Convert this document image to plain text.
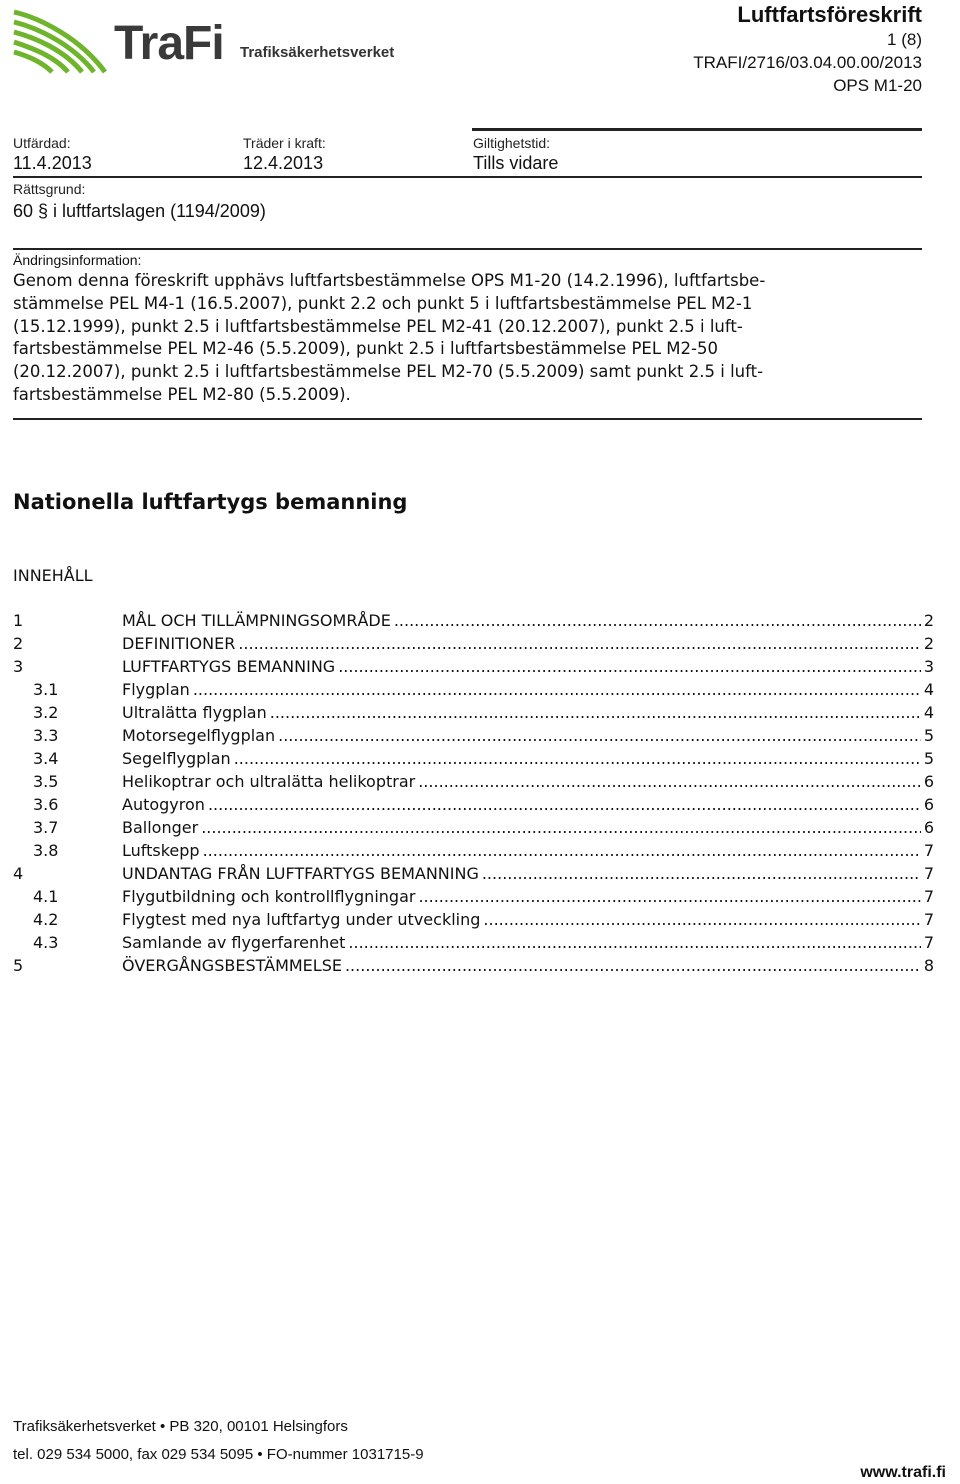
TraFi Trafiksäkerhetsverket
Luftfartsföreskrift
1 (8)
TRAFI/2716/03.04.00.00/2013
OPS M1-20
Utfärdad:
11.4.2013
Träder i kraft:
12.4.2013
Giltighetstid:
Tills vidare
Rättsgrund:
60 § i luftfartslagen (1194/2009)
Ändringsinformation:
Genom denna föreskrift upphävs luftfartsbestämmelse OPS M1-20 (14.2.1996), luftfartsbe-
stämmelse PEL M4-1 (16.5.2007), punkt 2.2 och punkt 5 i luftfartsbestämmelse PEL M2-1
(15.12.1999), punkt 2.5 i luftfartsbestämmelse PEL M2-41 (20.12.2007), punkt 2.5 i luft-
fartsbestämmelse PEL M2-46 (5.5.2009), punkt 2.5 i luftfartsbestämmelse PEL M2-50
(20.12.2007), punkt 2.5 i luftfartsbestämmelse PEL M2-70 (5.5.2009) samt punkt 2.5 i luft-
fartsbestämmelse PEL M2-80 (5.5.2009).
Nationella luftfartygs bemanning
INNEHÅLL
1	MÅL OCH TILLÄMPNINGSOMRÅDE .....	2
2	DEFINITIONER .....	2
3	LUFTFARTYGS BEMANNING .....	3
3.1	Flygplan .....	4
3.2	Ultralätta flygplan .....	4
3.3	Motorsegelflygplan .....	5
3.4	Segelflygplan .....	5
3.5	Helikoptrar och ultralätta helikoptrar .....	6
3.6	Autogyron .....	6
3.7	Ballonger .....	6
3.8	Luftskepp .....	7
4	UNDANTAG FRÅN LUFTFARTYGS BEMANNING .....	7
4.1	Flygutbildning och kontrollflygningar .....	7
4.2	Flygtest med nya luftfartyg under utveckling .....	7
4.3	Samlande av flygerfarenhet .....	7
5	ÖVERGÅNGSBESTÄMMELSE .....	8
Trafiksäkerhetsverket • PB 320, 00101 Helsingfors
tel. 029 534 5000, fax 029 534 5095 • FO-nummer 1031715-9
www.trafi.fi
